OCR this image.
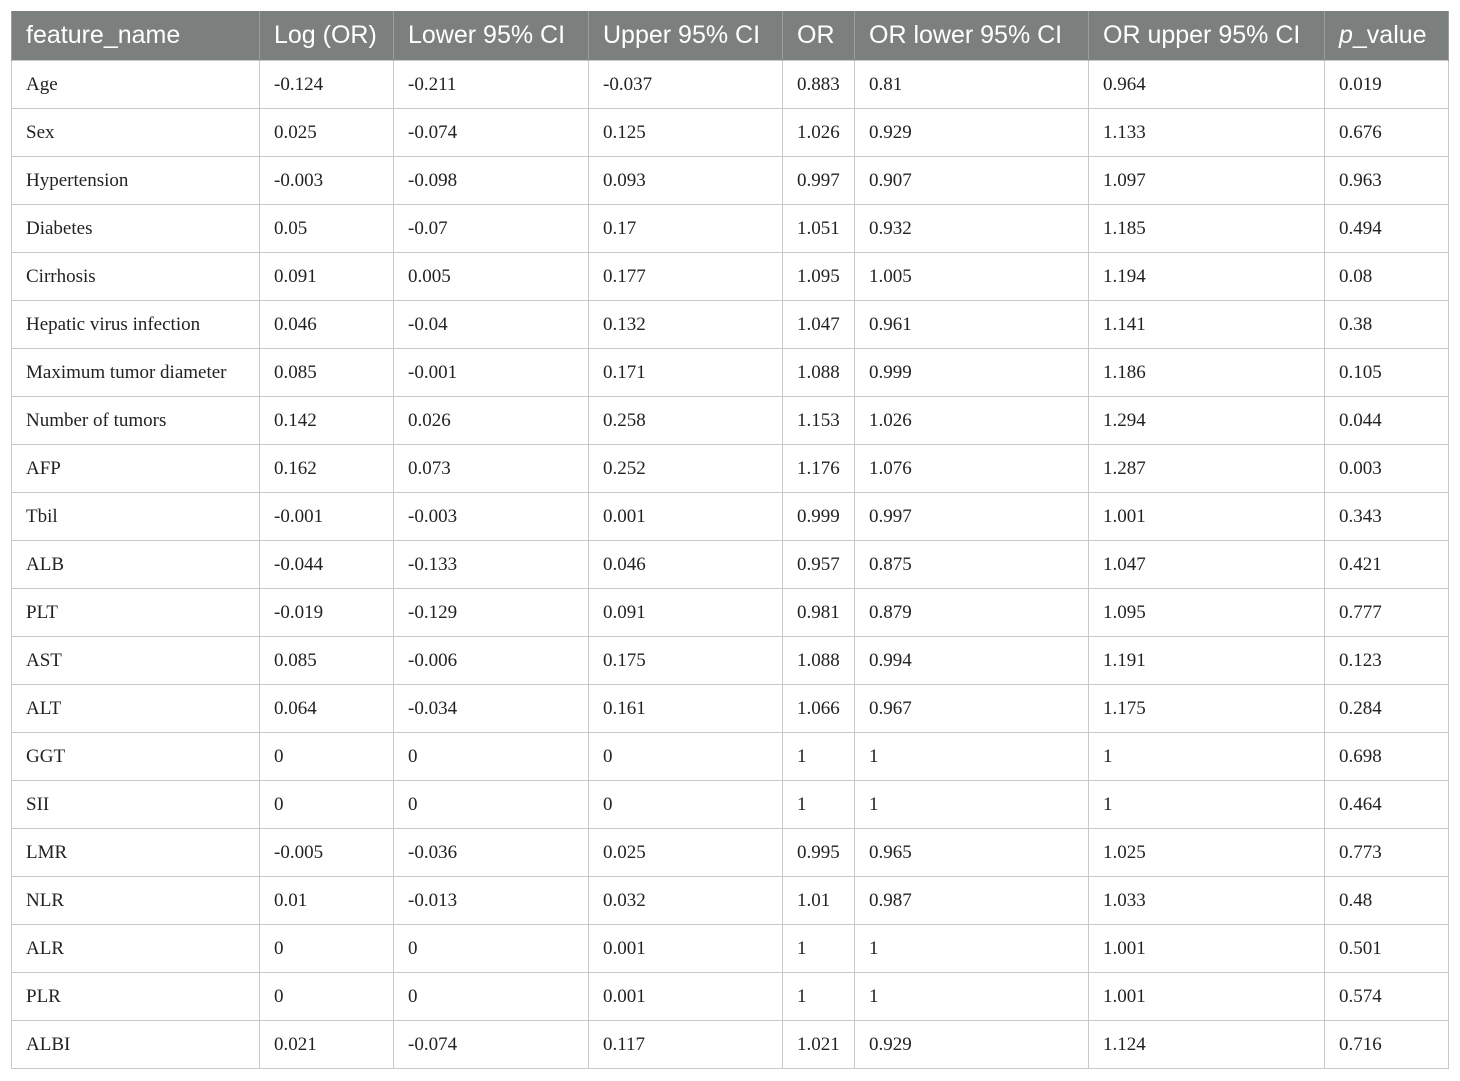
feature_name	Log (OR)	Lower 95% CI	Upper 95% CI	OR	OR lower 95% CI	OR upper 95% CI	p_value
Age	-0.124	-0.211	-0.037	0.883	0.81	0.964	0.019
Sex	0.025	-0.074	0.125	1.026	0.929	1.133	0.676
Hypertension	-0.003	-0.098	0.093	0.997	0.907	1.097	0.963
Diabetes	0.05	-0.07	0.17	1.051	0.932	1.185	0.494
Cirrhosis	0.091	0.005	0.177	1.095	1.005	1.194	0.08
Hepatic virus infection	0.046	-0.04	0.132	1.047	0.961	1.141	0.38
Maximum tumor diameter	0.085	-0.001	0.171	1.088	0.999	1.186	0.105
Number of tumors	0.142	0.026	0.258	1.153	1.026	1.294	0.044
AFP	0.162	0.073	0.252	1.176	1.076	1.287	0.003
Tbil	-0.001	-0.003	0.001	0.999	0.997	1.001	0.343
ALB	-0.044	-0.133	0.046	0.957	0.875	1.047	0.421
PLT	-0.019	-0.129	0.091	0.981	0.879	1.095	0.777
AST	0.085	-0.006	0.175	1.088	0.994	1.191	0.123
ALT	0.064	-0.034	0.161	1.066	0.967	1.175	0.284
GGT	0	0	0	1	1	1	0.698
SII	0	0	0	1	1	1	0.464
LMR	-0.005	-0.036	0.025	0.995	0.965	1.025	0.773
NLR	0.01	-0.013	0.032	1.01	0.987	1.033	0.48
ALR	0	0	0.001	1	1	1.001	0.501
PLR	0	0	0.001	1	1	1.001	0.574
ALBI	0.021	-0.074	0.117	1.021	0.929	1.124	0.716
